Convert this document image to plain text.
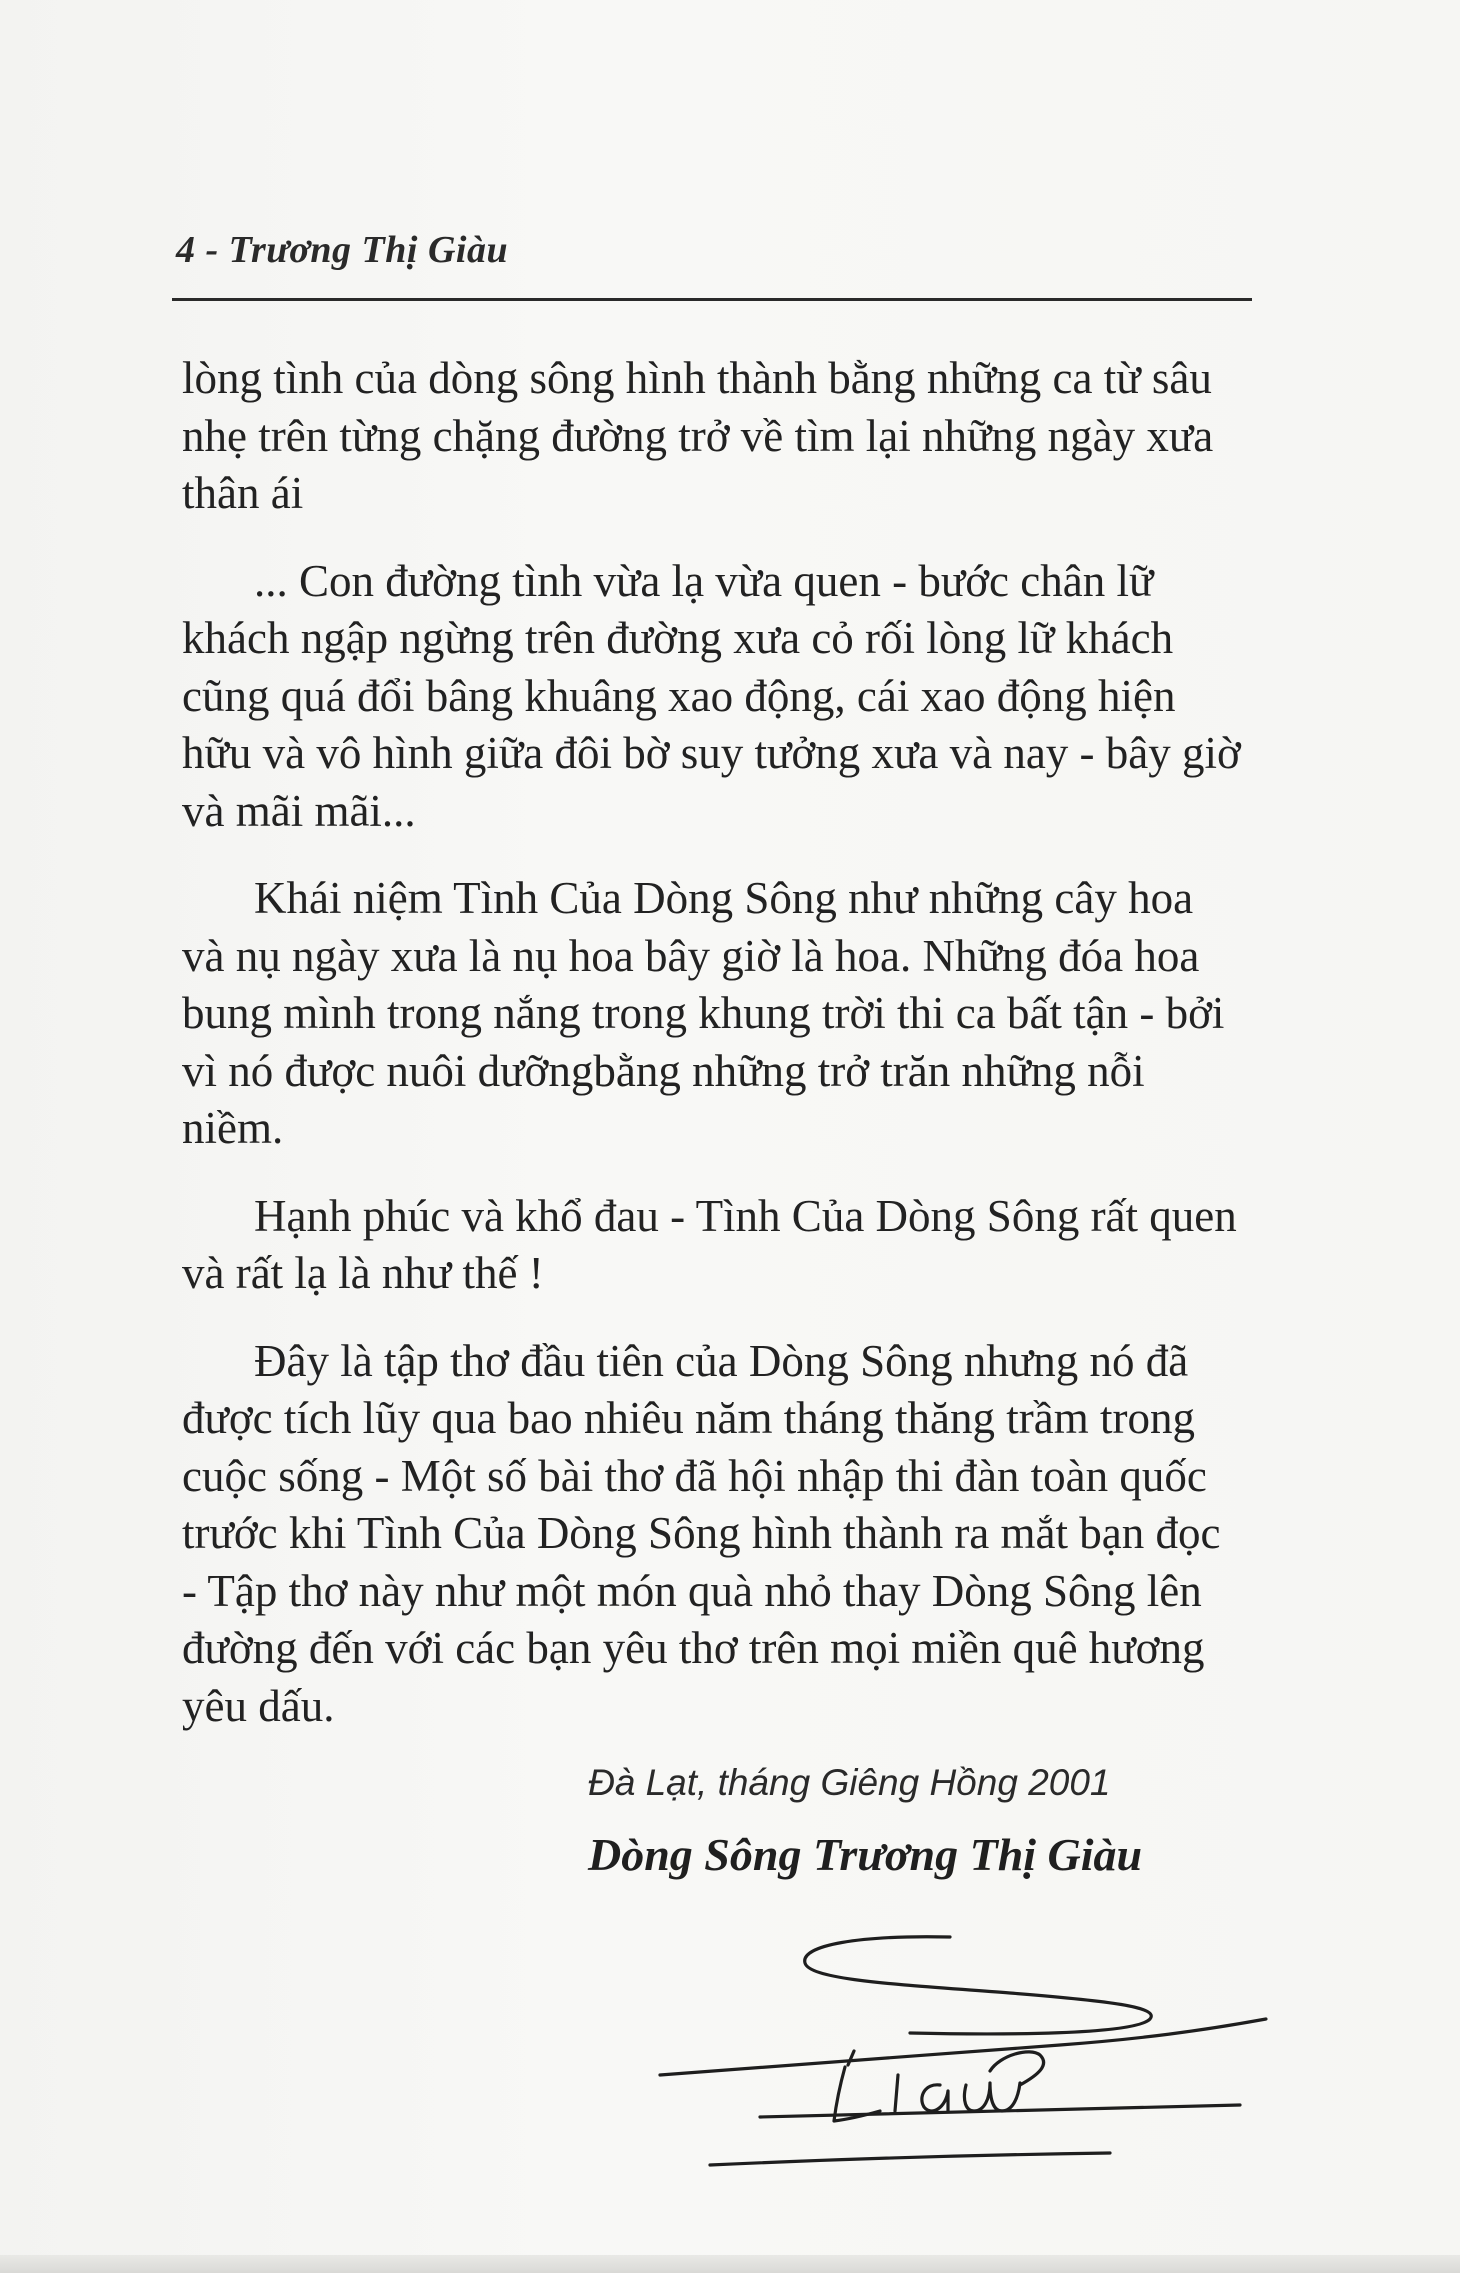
4 - Trương Thị Giàu

lòng tình của dòng sông hình thành bằng những ca từ sâu nhẹ trên từng chặng đường trở về tìm lại những ngày xưa thân ái

... Con đường tình vừa lạ vừa quen - bước chân lữ khách ngập ngừng trên đường xưa cỏ rối lòng lữ khách cũng quá đổi bâng khuâng xao động, cái xao động hiện hữu và vô hình giữa đôi bờ suy tưởng xưa và nay - bây giờ và mãi mãi...

Khái niệm Tình Của Dòng Sông như những cây hoa và nụ ngày xưa là nụ hoa bây giờ là hoa. Những đóa hoa bung mình trong nắng trong khung trời thi ca bất tận - bởi vì nó được nuôi dưỡngbằng những trở trăn những nỗi niềm.

Hạnh phúc và khổ đau - Tình Của Dòng Sông rất quen và rất lạ là như thế !

Đây là tập thơ đầu tiên của Dòng Sông nhưng nó đã được tích lũy qua bao nhiêu năm tháng thăng trầm trong cuộc sống - Một số bài thơ đã hội nhập thi đàn toàn quốc trước khi Tình Của Dòng Sông hình thành ra mắt bạn đọc - Tập thơ này như một món quà nhỏ thay Dòng Sông lên đường đến với các bạn yêu thơ trên mọi miền quê hương yêu dấu.

Đà Lạt, tháng Giêng Hồng 2001
Dòng Sông Trương Thị Giàu
